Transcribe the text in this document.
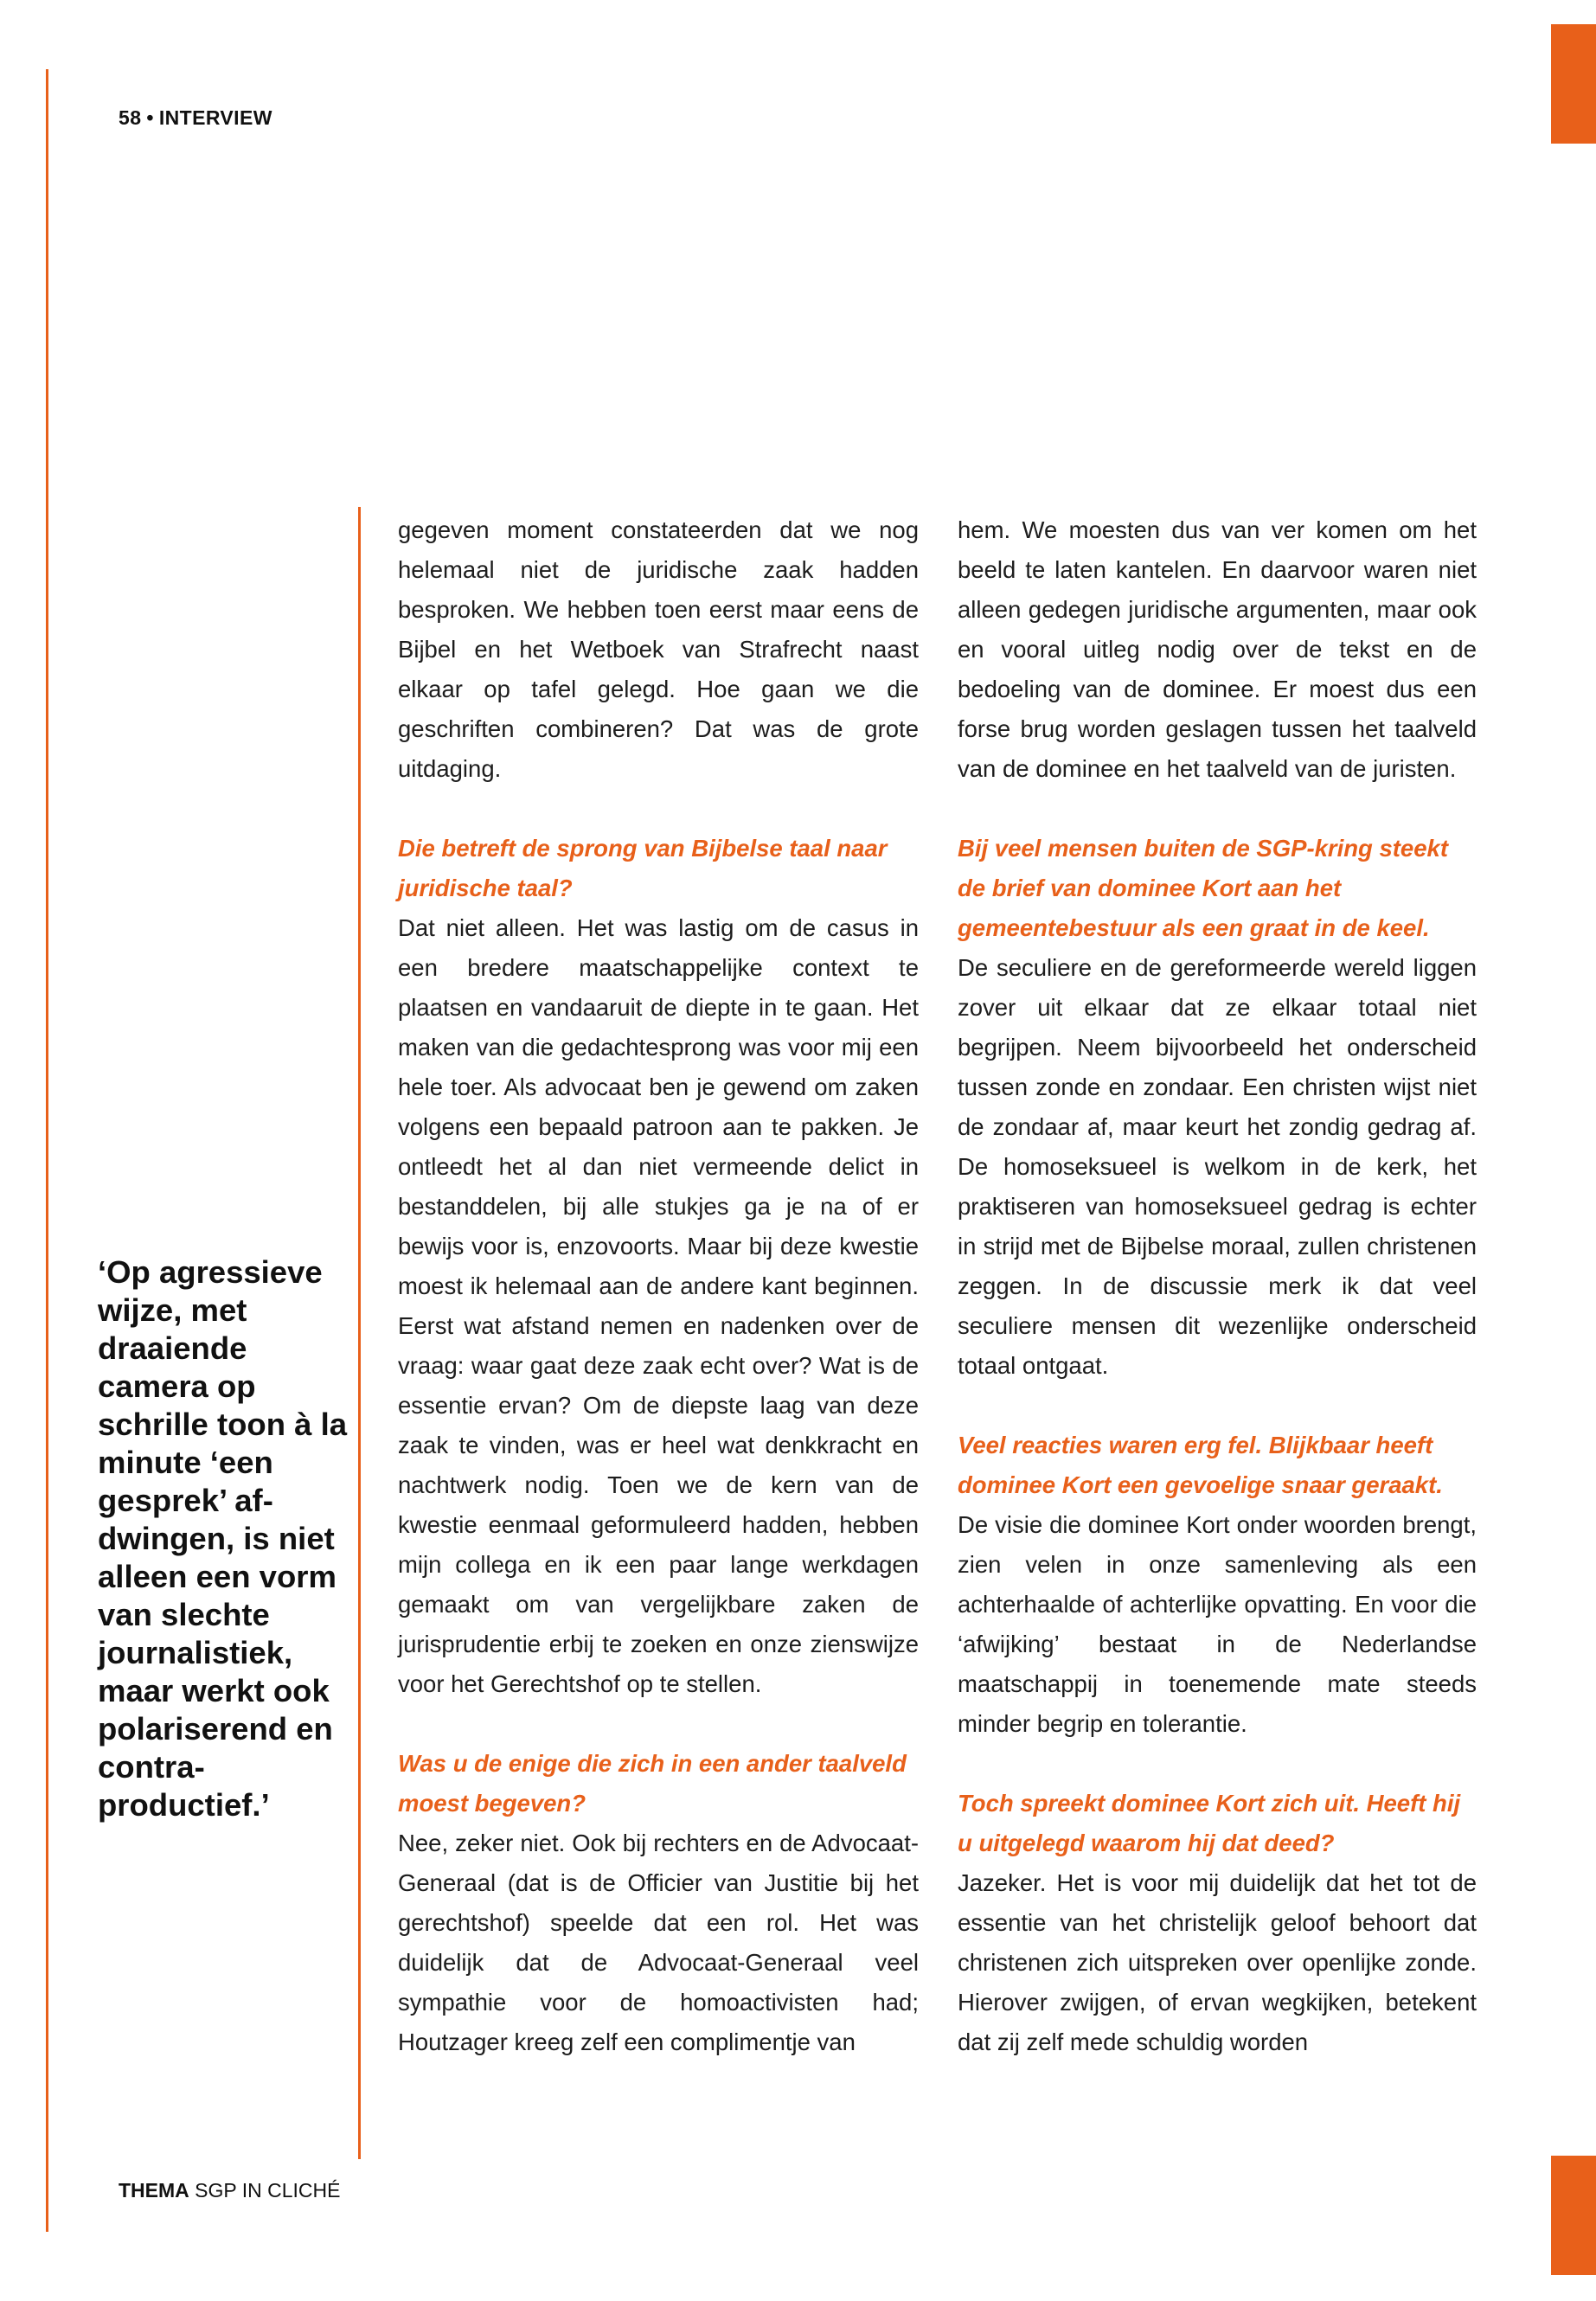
58 • INTERVIEW
‘Op agressieve wijze, met draaiende camera op schrille toon à la minute ‘een gesprek’ afdwingen, is niet alleen een vorm van slechte journalistiek, maar werkt ook polariserend en contraproductief.’

gegeven moment constateerden dat we nog helemaal niet de juridische zaak hadden besproken. We hebben toen eerst maar eens de Bijbel en het Wetboek van Strafrecht naast elkaar op tafel gelegd. Hoe gaan we die geschriften combineren? Dat was de grote uitdaging.

Die betreft de sprong van Bijbelse taal naar juridische taal?
Dat niet alleen. Het was lastig om de casus in een bredere maatschappelijke context te plaatsen en vandaaruit de diepte in te gaan. Het maken van die gedachtesprong was voor mij een hele toer. Als advocaat ben je gewend om zaken volgens een bepaald patroon aan te pakken. Je ontleedt het al dan niet vermeende delict in bestanddelen, bij alle stukjes ga je na of er bewijs voor is, enzovoorts. Maar bij deze kwestie moest ik helemaal aan de andere kant beginnen. Eerst wat afstand nemen en nadenken over de vraag: waar gaat deze zaak echt over? Wat is de essentie ervan? Om de diepste laag van deze zaak te vinden, was er heel wat denkkracht en nachtwerk nodig. Toen we de kern van de kwestie eenmaal geformuleerd hadden, hebben mijn collega en ik een paar lange werkdagen gemaakt om van vergelijkbare zaken de jurisprudentie erbij te zoeken en onze zienswijze voor het Gerechtshof op te stellen.

Was u de enige die zich in een ander taalveld moest begeven?
Nee, zeker niet. Ook bij rechters en de Advocaat-Generaal (dat is de Officier van Justitie bij het gerechtshof) speelde dat een rol. Het was duidelijk dat de Advocaat-Generaal veel sympathie voor de homoactivisten had; Houtzager kreeg zelf een complimentje van

hem. We moesten dus van ver komen om het beeld te laten kantelen. En daarvoor waren niet alleen gedegen juridische argumenten, maar ook en vooral uitleg nodig over de tekst en de bedoeling van de dominee. Er moest dus een forse brug worden geslagen tussen het taalveld van de dominee en het taalveld van de juristen.

Bij veel mensen buiten de SGP-kring steekt de brief van dominee Kort aan het gemeentebestuur als een graat in de keel.
De seculiere en de gereformeerde wereld liggen zover uit elkaar dat ze elkaar totaal niet begrijpen. Neem bijvoorbeeld het onderscheid tussen zonde en zondaar. Een christen wijst niet de zondaar af, maar keurt het zondig gedrag af. De homoseksueel is welkom in de kerk, het praktiseren van homoseksueel gedrag is echter in strijd met de Bijbelse moraal, zullen christenen zeggen. In de discussie merk ik dat veel seculiere mensen dit wezenlijke onderscheid totaal ontgaat.

Veel reacties waren erg fel. Blijkbaar heeft dominee Kort een gevoelige snaar geraakt.
De visie die dominee Kort onder woorden brengt, zien velen in onze samenleving als een achterhaalde of achterlijke opvatting. En voor die ‘afwijking’ bestaat in de Nederlandse maatschappij in toenemende mate steeds minder begrip en tolerantie.

Toch spreekt dominee Kort zich uit. Heeft hij u uitgelegd waarom hij dat deed?
Jazeker. Het is voor mij duidelijk dat het tot de essentie van het christelijk geloof behoort dat christenen zich uitspreken over openlijke zonde. Hierover zwijgen, of ervan wegkijken, betekent dat zij zelf mede schuldig worden

THEMA SGP IN CLICHÉ
